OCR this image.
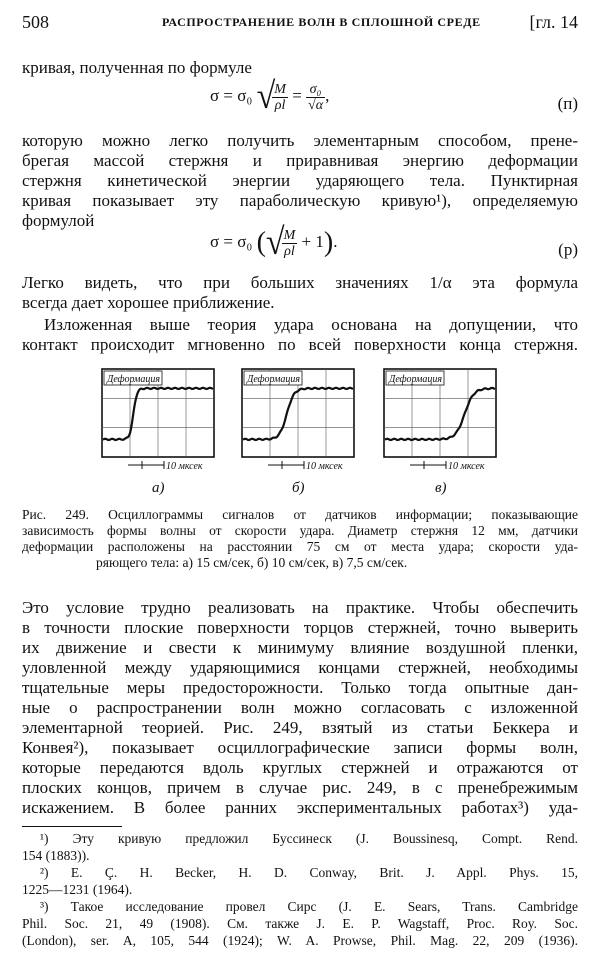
508	РАСПРОСТРАНЕНИЕ ВОЛН В СПЛОШНОЙ СРЕДЕ	[гл. 14
кривая, полученная по формуле
σ = σ₀ √
$\frac{M}{\rho l} = \frac{\text{σ₀}}{√\alpha}$ ,	(п)
которую можно легко получить элементарным способом, пренe-
брегая массой стержня и приравнивая энергию деформации
стержня кинетической энергии ударяющего тела. Пунктирная
кривая показывает эту параболическую кривую¹), определяемую
формулой
σ = σ₀ (√
$\frac{M}{\rho l} + 1$).	(р)
Легко видеть, что при больших значениях 1/α эта формула
всегда дает хорошее приближение.
Изложенная выше теория удара основана на допущении, что
контакт происходит мгновенно по всей поверхности конца стержня.
Деформация
10 мксек
Деформация
10 мксек
Деформация
10 мксек
а)	б)	в)
Рис. 249. Осциллограммы сигналов от датчиков информации; показывающие
зависимость формы волны от скорости удара. Диаметр стержня 12 мм, датчики
деформации расположены на расстоянии 75 см от места удара; скорости уда-
ряющего тела: а) 15 см/сек, б) 10 см/сек, в) 7,5 см/сек.
Это условие трудно реализовать на практике. Чтобы обеспечить
в точности плоские поверхности торцов стержней, точно выверить
их движение и свести к минимуму влияние воздушной пленки,
уловленной между ударяющимися концами стержней, необходимы
тщательные меры предосторожности. Только тогда опытные дан-
ные о распространении волн можно согласовать с изложенной
элементарной теорией. Рис. 249, взятый из статьи Беккера и
Конвея²), показывает осциллографические записи формы волн,
которые передаются вдоль круглых стержней и отражаются от
плоских концов, причем в случае рис. 249, в с пренебрежимым
искажением. В более ранних экспериментальных работах³) уда-
¹) Эту кривую предложил Буссинеск (J. Boussinesq, Compt. Rend.
154 (1883)).
²) E. Ç. H. Becker, H. D. Conway, Brit. J. Appl. Phys. 15,
1225—1231 (1964).
³) Такое исследование провел Сирс (J. E. Sears, Trans. Cambridge
Phil. Soc. 21, 49 (1908). См. также J. E. P. Wagstaff, Proc. Roy. Soc.
(London), ser. A, 105, 544 (1924); W. A. Prowse, Phil. Mag. 22, 209 (1936).
